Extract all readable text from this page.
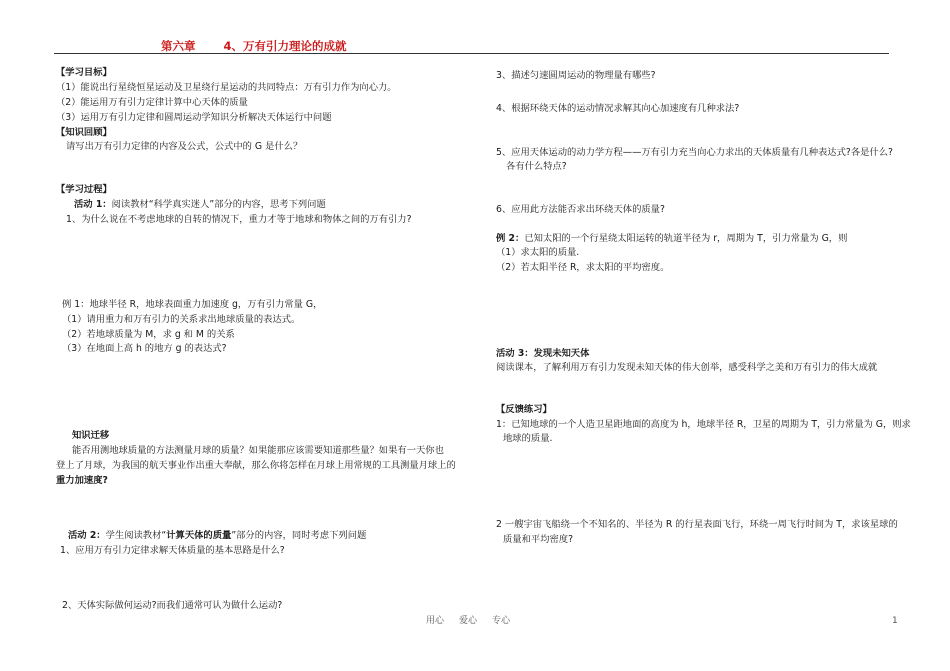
第六章 4、万有引力理论的成就
【学习目标】
（1）能说出行星绕恒星运动及卫星绕行星运动的共同特点：万有引力作为向心力。
（2）能运用万有引力定律计算中心天体的质量
（3）运用万有引力定律和圆周运动学知识分析解决天体运行中问题
【知识回顾】
请写出万有引力定律的内容及公式，公式中的 G 是什么？
【学习过程】
活动 1：阅读教材“科学真实迷人”部分的内容，思考下列问题
1、为什么说在不考虑地球的自转的情况下，重力才等于地球和物体之间的万有引力?
例 1：地球半径 R，地球表面重力加速度 g，万有引力常量 G，
（1）请用重力和万有引力的关系求出地球质量的表达式。
（2）若地球质量为 M，求 g 和 M 的关系
（3）在地面上高 h 的地方 g 的表达式?
知识迁移
能否用测地球质量的方法测量月球的质量？如果能那应该需要知道那些量？如果有一天你也
登上了月球，为我国的航天事业作出重大奉献，那么你将怎样在月球上用常规的工具测量月球上的
重力加速度?
活动 2：学生阅读教材“计算天体的质量”部分的内容，同时考虑下列问题
1、应用万有引力定律求解天体质量的基本思路是什么?
2、天体实际做何运动?而我们通常可认为做什么运动?
3、描述匀速圆周运动的物理量有哪些?
4、根据环绕天体的运动情况求解其向心加速度有几种求法?
5、应用天体运动的动力学方程——万有引力充当向心力求出的天体质量有几种表达式?各是什么?
各有什么特点?
6、应用此方法能否求出环绕天体的质量?
例 2：已知太阳的一个行星绕太阳运转的轨道半径为 r，周期为 T，引力常量为 G，则
（1）求太阳的质量.
（2）若太阳半径 R，求太阳的平均密度。
活动 3：发现未知天体
阅读课本，了解利用万有引力发现未知天体的伟大创举，感受科学之美和万有引力的伟大成就
【反馈练习】
1：已知地球的一个人造卫星距地面的高度为 h，地球半径 R，卫星的周期为 T，引力常量为 G，则求
地球的质量.
2 一艘宇宙飞船绕一个不知名的、半径为 R 的行星表面飞行，环绕一周飞行时间为 T，求该星球的
质量和平均密度?
用心 爱心 专心	1
